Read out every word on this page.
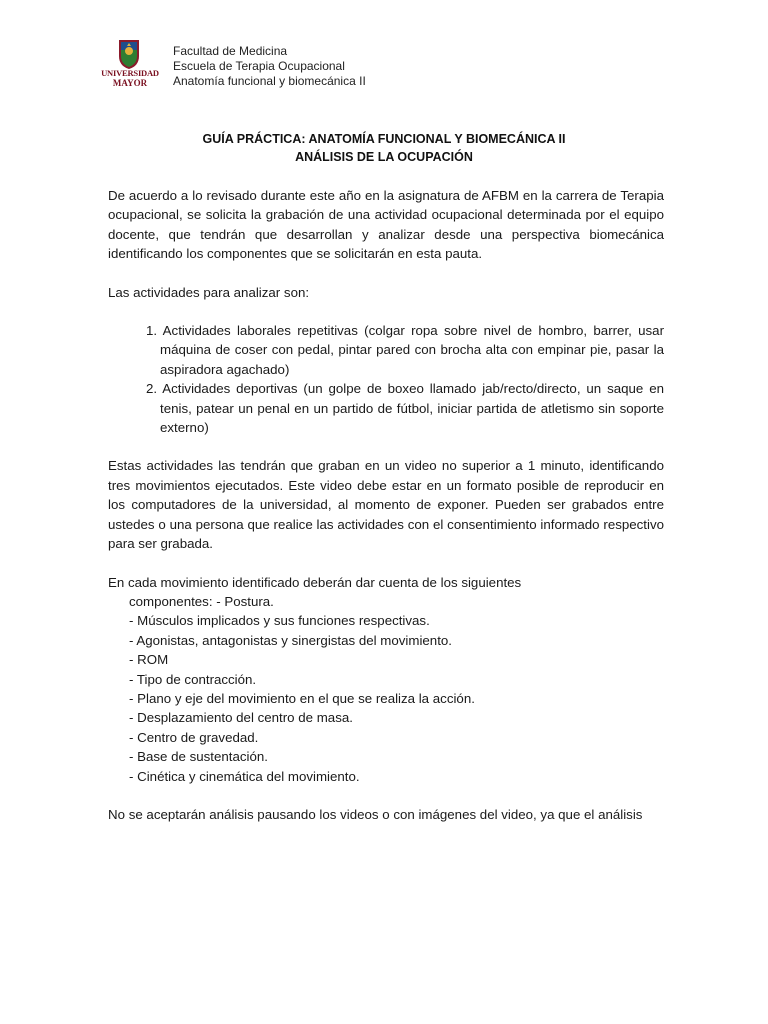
UNIVERSIDAD
MAYOR
Facultad de Medicina
Escuela de Terapia Ocupacional
Anatomía funcional y biomecánica II
GUÍA PRÁCTICA: ANATOMÍA FUNCIONAL Y BIOMECÁNICA II
ANÁLISIS DE LA OCUPACIÓN

De acuerdo a lo revisado durante este año en la asignatura de AFBM en la carrera de Terapia ocupacional, se solicita la grabación de una actividad ocupacional determinada por el equipo docente, que tendrán que desarrollan y analizar desde una perspectiva biomecánica identificando los componentes que se solicitarán en esta pauta.

Las actividades para analizar son:

1. Actividades laborales repetitivas (colgar ropa sobre nivel de hombro, barrer, usar máquina de coser con pedal, pintar pared con brocha alta con empinar pie, pasar la aspiradora agachado)
2. Actividades deportivas (un golpe de boxeo llamado jab/recto/directo, un saque en tenis, patear un penal en un partido de fútbol, iniciar partida de atletismo sin soporte externo)

Estas actividades las tendrán que graban en un video no superior a 1 minuto, identificando tres movimientos ejecutados. Este video debe estar en un formato posible de reproducir en los computadores de la universidad, al momento de exponer. Pueden ser grabados entre ustedes o una persona que realice las actividades con el consentimiento informado respectivo para ser grabada.

En cada movimiento identificado deberán dar cuenta de los siguientes

componentes: - Postura.
- Músculos implicados y sus funciones respectivas.
- Agonistas, antagonistas y sinergistas del movimiento.
- ROM
- Tipo de contracción.
- Plano y eje del movimiento en el que se realiza la acción.
- Desplazamiento del centro de masa.
- Centro de gravedad.
- Base de sustentación.
- Cinética y cinemática del movimiento.

No se aceptarán análisis pausando los videos o con imágenes del video, ya que el análisis
